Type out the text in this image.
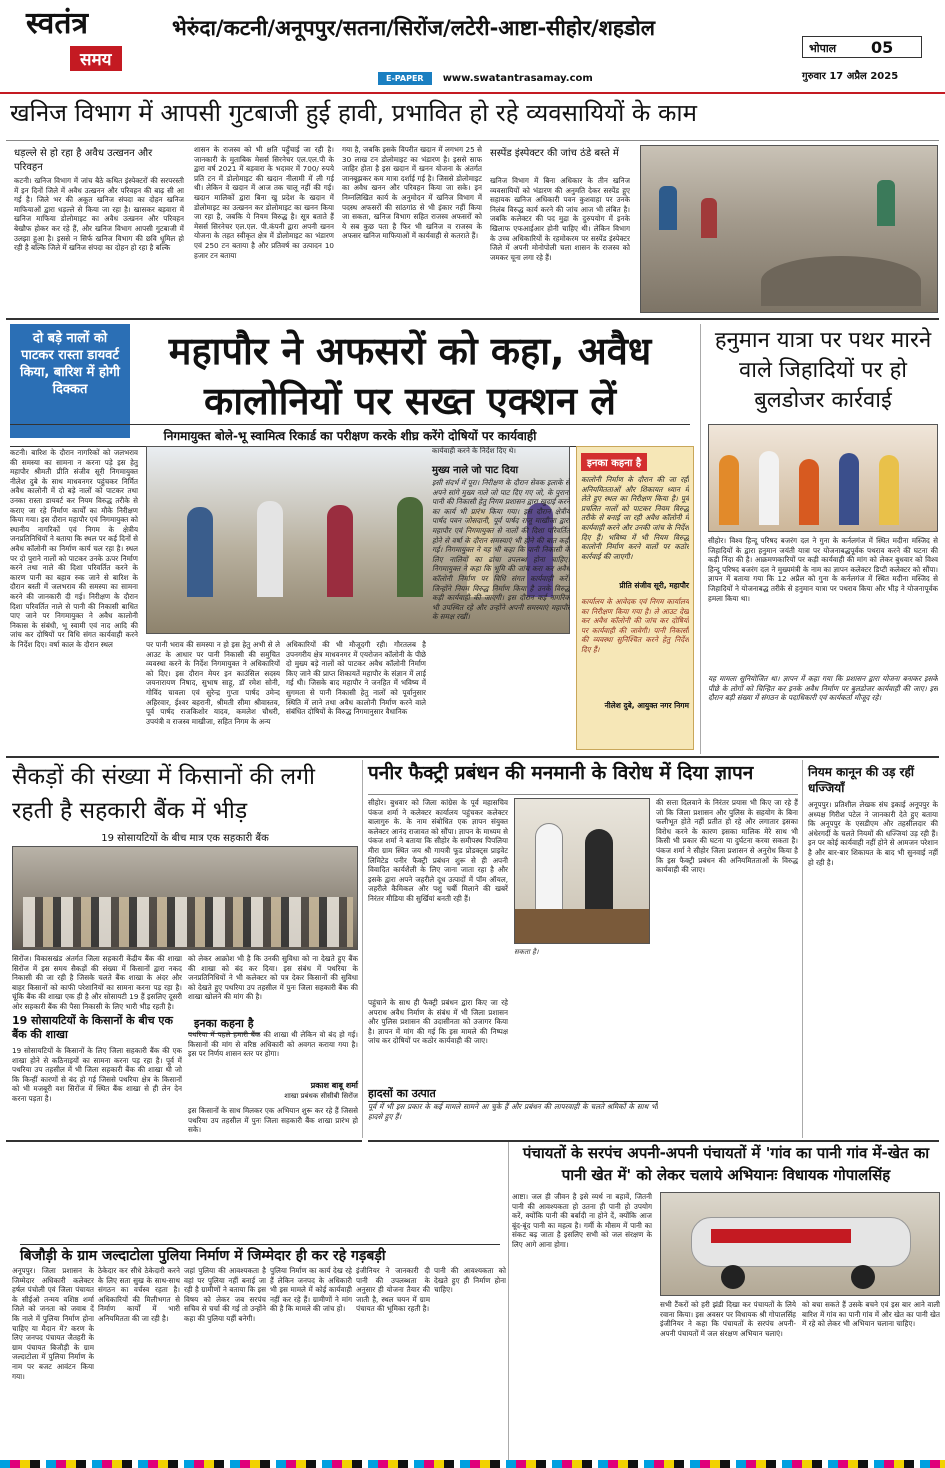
स्वतंत्र
समय
भेरुंदा/कटनी/अनूपपुर/सतना/सिरोंज/लटेरी-आष्टा-सीहोर/शहडोल
E-PAPER www.swatantrasamay.com
भोपाल 05
गुरुवार 17 अप्रैल 2025
खनिज विभाग में आपसी गुटबाजी हुई हावी, प्रभावित हो रहे व्यवसायियों के काम
धड़ल्ले से हो रहा है अवैध उत्खनन और परिवहन
कटनी। खनिज विभाग में जांच बैठे कथित इंस्पेक्टरों की सरपरस्ती में इन दिनों जिले में अवैध उत्खनन और परिवहन की बाढ़ सी आ गई है। जिले भर की अकूत खनिज संपदा का दोहन खनिज माफियाओं द्वारा धड़ल्ले से किया जा रहा है। खासकर बड़वारा में खनिज माफिया डोलोमाइट का अवैध उत्खनन और परिवहन बेखौफ होकर कर रहे हैं, और खनिज विभाग आपसी गुटबाजी में उलझा हुआ है। इससे न सिर्फ खनिज विभाग की छवि धूमिल हो रही है बल्कि जिले में खनिज संपदा का दोहन हो रहा है बल्कि
शासन के राजस्व को भी क्षति पहुँचाई जा रही है। जानकारी के मुताबिक मेसर्स सिरनेचर एल.एल.पी के द्वारा वर्ष 2021 में बड़वारा के भदावर में 700/ रुपये प्रति टन में डोलोमाइट की खदान नीलामी में ली गई थी। लेकिन वे खदान में आज तक चालू नहीं की गई। खदान मालिकों द्वारा बिना खु प्रदेश के खदान में डोलोमाइट का उत्खनन कर डोलोमाइट का खनन किया जा रहा है, जबकि ये नियम विरुद्ध है। सूत्र बताते हैं मेसर्स सिरनेचर एल.एल. पी.कंपनी द्वारा अपनी खनन योजना के तहत स्वीकृत क्षेत्र में डोलोमाइट का भंडारण एवं 250 टन बताया है और प्रतिवर्ष का उत्पादन 10 हजार टन बताया
गया है, जबकि इसके विपरीत खदान में लगभग 25 से 30 लाख टन डोलोमाइट का भंडारण है। इससे साफ जाहिर होता है इस खदान में खनन योजना के अंतर्गत जानबूझकर कम मात्रा दर्शाई गई है। जिससे डोलोमाइट का अवैध खनन और परिवहन किया जा सके। इन निम्नलिखित कार्य के अनुमोदन में खनिज विभाग में पदस्थ अफसरों की सांठगांठ से भी इंकार नहीं किया जा सकता, खनिज विभाग सहित राजस्व अफसरों को ये सब कुछ पता है फिर भी खनिज व राजस्व के अफसर खनिज माफियाओं में कार्यवाही से कतराते हैं।
सस्पेंड इंस्पेक्टर की जांच ठंडे बस्ते में
खनिज विभाग में बिना अधिकार के तीन खनिज व्यवसायियों को भंडारण की अनुमति देकर सस्पेंड हुए सहायक खनिज अधिकारी पवन कुशवाहा पर उनके निलंब विरुद्ध कार्य करने की जांच आज भी लंबित है। जबकि कलेक्टर की पद मुद्रा के दुरुपयोग में इनके खिलाफ एफआईआर होनी चाहिए थी। लेकिन विभाग के उच्च अधिकारियों के रहमोकरम पर सस्पेंड इंस्पेक्टर जिले में अपनी मोनोपोली चला शासन के राजस्व को जमकर चूना लगा रहे हैं।
दो बड़े नालों को पाटकर रास्ता डायवर्ट किया, बारिश में होगी दिक्कत
महापौर ने अफसरों को कहा, अवैध कालोनियों पर सख्त एक्शन लें
निगमायुक्त बोले-भू स्वामित्व रिकार्ड का परीक्षण करके शीघ्र करेंगे दोषियों पर कार्यवाही
कटनी। बारिश के दौरान नागरिकों को जलभराव की समस्या का सामना न करना पड़े इस हेतु महापौर श्रीमती प्रीति संजीव सूरी निगमायुक्त नीलेश दुबे के साथ माधवनगर पहुंचकर निर्मित अवैध कालोनी में दो बड़े नालों को पाटकर तथा उनका रास्ता डायवर्ट कर नियम विरुद्ध तरीके से कराए जा रहे निर्माण कार्यों का मौके निरीक्षण किया गया। इस दौरान महापौर एवं निगमायुक्त को स्थानीय नागरिकों एवं निगम के क्षेत्रीय जनप्रतिनिधियों ने बताया कि स्थल पर कई दिनों से अवैध कॉलोनी का निर्माण कार्य चल रहा है। स्थल पर दो पुराने नालों को पाटकर उनके ऊपर निर्माण करने तथा नाले की दिशा परिवर्तित करने के कारण पानी का बहाव रुक जाने से बारिश के दौरान बस्ती में जलभराव की समस्या का सामना करने की जानकारी दी गई। निरीक्षण के दौरान दिशा परिवर्तित नाले से पानी की निकासी बाधित पाए जाने पर निगमायुक्त ने अवैध कालोनी निकास के संबंधी, भू स्वामी एवं नाद आदि की जांच कर दोषियों पर विधि संगत कार्यवाही करने के निर्देश दिए। वर्षा काल के दौरान स्थल	पर पानी भराव की समस्या न हो इस हेतु अभी से ले आउट के आधार पर पानी निकासी की समुचित व्यवस्था करने के निर्देश निगमायुक्त ने अधिकारियों को दिए। इस दौरान मेयर इन काउंसिल सदस्य जयनारायण निषाद, सुभाष साहू, डॉ रमेश सोनी, गोविंद चावला एवं सुरेन्द्र गुप्ता पार्षद उमेन्द अहिरवार, ईश्वर बहरानी, श्रीमती सीमा श्रीवास्तव, पूर्व पार्षद राजकिशोर यादव, कमलेश चौधरी, उपयंत्री व राजस्व माखीजा, सहित निगम के अन्य
अधिकारियों की भी मौजूदगी रही। गौरतलब है उपनगरीय क्षेत्र माधवनगर में एयरोजन कॉलोनी के पीछे दो मुख्य बड़े नालों को पाटकर अवैध कॉलोनी निर्माण किए जाने की प्राप्त शिकायतें महापौर के संज्ञान में लाई गई थी। जिसके बाद महापौर ने जनहित में भविष्य में सुगमता से पानी निकासी हेतु नालों को पूर्वानुसार स्थिति में लाने तथा अवैध कालोनी निर्माण करने वाले संबंधित दोषियों के विरुद्ध निगमानुसार वैधानिक
कार्यवाही करने के निर्देश दिए थे।
मुख्य नाले जो पाट दिया
इसी संदर्भ में पूरा। निरीक्षण के दौरान सेवक इलाके से अपने सांगे मुख्य नाले जो पाट दिए गए जो, के पुराना पानी की निकासी हेतु निगम प्रशासन द्वारा खुदाई करने का कार्य भी प्रारंभ किया गया। इस दौरान क्षेत्रीय पार्षद पवन जोसदानी, पूर्व पार्षद राजू माखीजा द्वारा महापौर एवं निगमायुक्त से नालों की दिशा परिवर्तित होने से वर्षा के दौरान समस्याएं भी होने की बात कही गई। निगमायुक्त ने यह भी कहा कि पानी निकासी के लिए नालियों का ढांचा उपलब्ध होना चाहिए। निगमायुक्त ने कहा कि भूमि की जांच करा कर अवैध कॉलोनी निर्माण पर विधि संगत कार्यवाही करें। जिन्होंने नियम विरुद्ध निर्माण किया है उनके विरुद्ध कड़ी कार्यवाही की जाएगी। इस दौरान कई नागरिक भी उपस्थित रहे और उन्होंने अपनी समस्याएं महापौर के समक्ष रखीं।
इनका कहना है
कालोनी निर्माण के दौरान की जा रही अनियमितताओं और शिकायत ध्यान में लेते हुए स्थल का निरीक्षण किया है। पूर्व प्रचलित नालों को पाटकर नियम विरुद्ध तरीके से बनाई जा रही अवैध कॉलोनी में कार्यवाही करने और उनकी जांच के निर्देश दिए हैं। भविष्य में भी नियम विरुद्ध कालोनी निर्माण करने वालों पर कठोर कार्रवाई की जाएगी।
प्रीति संजीव सूरी, महापौर
कार्यालय के आवेदक एवं निगम कार्यालय का निरीक्षण किया गया है। ले आउट देख कर अवैध कॉलोनी की जांच कर दोषियों पर कार्यवाही की जावेगी। पानी निकासी की व्यवस्था सुनिश्चित करने हेतु निर्देश दिए हैं।
नीलेश दुबे, आयुक्त नगर निगम
हनुमान यात्रा पर पथर मारने वाले जिहादियों पर हो बुलडोजर कार्रवाई
सीहोर। विश्व हिन्दू परिषद बजरंग दल ने गुना के कर्नलगंज में स्थित मदीना मस्जिद से जिहादियों के द्वारा हनुमान जयंती यात्रा पर योजनाबद्धपूर्वक पथराव करने की घटना की कड़ी निंदा की है। आक्रमणकारियों पर कड़ी कार्यवाही की मांग को लेकर बुधवार को विश्व हिन्दू परिषद बजरंग दल ने मुख्यमंत्री के नाम का ज्ञापन कलेक्टर डिप्टी कलेक्टर को सौंपा। ज्ञापन में बताया गया कि 12 अप्रैल को गुना के कर्नलगंज में स्थित मदीना मस्जिद से जिहादियों ने योजनाबद्ध तरीके से हनुमान यात्रा पर पथराव किया और भीड़ ने योजनापूर्वक हमला किया था।
यह मामला सुनियोजित था। ज्ञापन में कहा गया कि प्रशासन द्वारा योजना बनाकर इसके पीछे के लोगों को चिन्हित कर इनके अवैध निर्माण पर बुलडोजर कार्यवाही की जाए। इस दौरान बड़ी संख्या में संगठन के पदाधिकारी एवं कार्यकर्ता मौजूद रहे।
सैकड़ों की संख्या में किसानों की लगी रहती है सहकारी बैंक में भीड़
19 सोसायटियों के बीच मात्र एक सहकारी बैंक
सिरोंज। विकासखंड अंतर्गत जिला सहकारी केंद्रीय बैंक की शाखा सिरोंज में इस समय सैकड़ों की संख्या में किसानों द्वारा नकद निकासी की जा रही है जिसके चलते बैंक शाखा के अंदर और बाहर किसानों को काफी परेशानियों का सामना करना पड़ रहा है। चूंकि बैंक की शाखा एक ही है और सोसायटी 19 हैं इसलिए दूसरी ओर सहकारी बैंक की पैसा निकासी के लिए भारी भीड़ रहती है।
19 सोसायटियों के किसानों के बीच एक बैंक की शाखा
19 सोसायटियों के किसानों के लिए जिला सहकारी बैंक की एक शाखा होने से कठिनाइयों का सामना करना पड़ रहा है। पूर्व में पथरिया उप तहसील में भी जिला सहकारी बैंक की शाखा थी जो कि किन्हीं कारणों से बंद हो गई जिससे पथरिया क्षेत्र के किसानों को भी मजबूरी वश सिरोंज में स्थित बैंक शाखा से ही लेन देन करना पड़ता है।
को लेकर आक्रोश भी है कि उनकी सुविधा को ना देखते हुए बैंक की शाखा को बंद कर दिया। इस संबंध में पथरिया के जनप्रतिनिधियों ने भी कलेक्टर को पत्र देकर किसानों की सुविधा को देखते हुए पथरिया उप तहसील में पुनः जिला सहकारी बैंक की शाखा खोलने की मांग की है।
इनका कहना है
पथरिया में पहले हमारी बैंक की शाखा थी लेकिन वो बंद हो गई। किसानों की मांग से वरिष्ठ अधिकारी को अवगत कराया गया है। इस पर निर्णय शासन स्तर पर होगा।
प्रकाश बाबू शर्मा
शाखा प्रबंधक सीसीबी सिरोंज
इस किसानों के साथ मिलकर एक अभियान शुरू कर रहे हैं जिससे पथरिया उप तहसील में पुनः जिला सहकारी बैंक शाखा प्रारंभ हो सके।
पनीर फैक्ट्री प्रबंधन की मनमानी के विरोध में दिया ज्ञापन
सीहोर। बुधवार को जिला कांग्रेस के पूर्व महासचिव पंकज शर्मा ने कलेक्टर कार्यालय पहुंचकर कलेक्टर बालागुरु के. के नाम संबोधित एक ज्ञापन संयुक्त कलेक्टर आनंद राजावत को सौंपा। ज्ञापन के माध्यम से पंकज शर्मा ने बताया कि सीहोर के समीपस्थ पिपलिया मीरा ग्राम स्थित जय श्री गायत्री फूड प्रोडक्ट्स प्राइवेट लिमिटेड पनीर फैक्ट्री प्रबंधन शुरू से ही अपनी विवादित कार्यशैली के लिए जाना जाता रहा है और इसके द्वारा अपने जहरीले दूध उत्पादों में पॉम ऑयल, जहरीले कैमिकल और पशु चर्बी मिलाने की खबरें निरंतर मीडिया की सुर्खियां बनती रही हैं।
पहुंचाने के साथ ही फैक्ट्री प्रबंधन द्वारा किए जा रहे अपराध अवैध निर्माण के संबंध में भी जिला प्रशासन और पुलिस प्रशासन की उदासीनता को उजागर किया है। ज्ञापन में मांग की गई कि इस मामले की निष्पक्ष जांच कर दोषियों पर कठोर कार्यवाही की जाए।
हादसों का उत्पात
पूर्व में भी इस प्रकार के कई मामले सामने आ चुके हैं और प्रबंधन की लापरवाही के चलते श्रमिकों के साथ भी हादसे हुए हैं।
सकता है।
की सत्ता दिलवाने के निरंतर प्रयास भी किए जा रहे हैं जो कि जिला प्रशासन और पुलिस के सहयोग के बिना फलीभूत होते नहीं प्रतीत हो रहे और लगातार इसका विरोध करने के कारण इसका मालिक मेरे साथ भी किसी भी प्रकार की घटना या दुर्घटना करवा सकता है। पंकज शर्मा ने सीहोर जिला प्रशासन से अनुरोध किया है कि इस फैक्ट्री प्रबंधन की अनियमितताओं के विरुद्ध कार्यवाही की जाए।
नियम कानून की उड़ रहीं धज्जियाँ
अनूपपुर। प्रतिशील लेखक संघ इकाई अनूपपुर के अध्यक्ष गिरीश पटेल ने जानकारी देते हुए बताया कि अनूपपुर के एसडीएम और तहसीलदार की अंधेरगर्दी के चलते नियमों की धज्जियां उड़ रही हैं। इन पर कोई कार्यवाही नहीं होने से आमजन परेशान है और बार-बार शिकायत के बाद भी सुनवाई नहीं हो रही है।
पंचायतों के सरपंच अपनी-अपनी पंचायतों में 'गांव का पानी गांव में-खेत का पानी खेत में' को लेकर चलाये अभियानः विधायक गोपालसिंह
आष्टा। जल ही जीवन है इसे व्यर्थ ना बहावें, जितनी पानी की आवश्यकता हो उतना ही पानी हो उपयोग करें, क्योंकि पानी की बर्बादी ना होने दें, क्योंकि आज बूंद-बूंद पानी का महत्व है। गर्मी के मौसम में पानी का संकट बढ़ जाता है इसलिए सभी को जल संरक्षण के लिए आगे आना होगा।
सभी टैंकरों को हरी झंडी दिखा कर पंचायतों के लिये रवाना किया। इस अवसर पर विधायक श्री गोपालसिंह इंजीनियर ने कहा कि पंचायतों के सरपंच अपनी-अपनी पंचायतों में जल संरक्षण अभियान चलाएं।
को बचा सकते हैं उसके बचने एवं इस बार आने वाली बारिश में गांव का पानी गांव में और खेत का पानी खेत में रहे को लेकर भी अभियान चलाना चाहिए।
बिजौड़ी के ग्राम जल्दाटोला पुलिया निर्माण में जिम्मेदार ही कर रहे गड़बड़ी
अनूपपुर। जिला प्रशासन के जिम्मेदार अधिकारी कलेक्टर हर्षल पंचोली एवं जिला पंचायत के सीईओ तन्मय वशिष्ठ शर्मा जिले को जनता को जवाब दें कि नाले में पुलिया निर्माण होना चाहिए या मैदान में? करण के लिए जनपद पंचायत जैतहरी के ग्राम पंचायत बिजौड़ी के ग्राम जल्दाटोला में पुलिया निर्माण के नाम पर बजट आवंटन किया गया।
ठेकेदार कर सीधे ठेकेदारी करने के लिए सता सुख के साथ-साथ संगठन का वर्चस्व रहता है। अधिकारियों की मिलीभगत से निर्माण कार्यों में भारी अनियमितता की जा रही है।
जहां पुलिया की आवश्यकता है वहां पर पुलिया नहीं बनाई जा रही है ग्रामीणों ने बताया कि इस विषय को लेकर जब सरपंच सचिव से चर्चा की गई तो उन्होंने कहा की पुलिया यहीं बनेगी।
पुलिया निर्माण का कार्य देख रहे हैं लेकिन जनपद के अधिकारी भी इस मामले में कोई कार्यवाही नहीं कर रहे हैं। ग्रामीणों ने मांग की है कि मामले की जांच हो।
इंजीनियर ने जानकारी दी पानी की उपलब्धता के अनुसार ही योजना तैयार की जाती है, स्थल चयन में ग्राम पंचायत की भूमिका रहती है।
पानी की आवश्यकता को देखते हुए ही निर्माण होना चाहिए।
